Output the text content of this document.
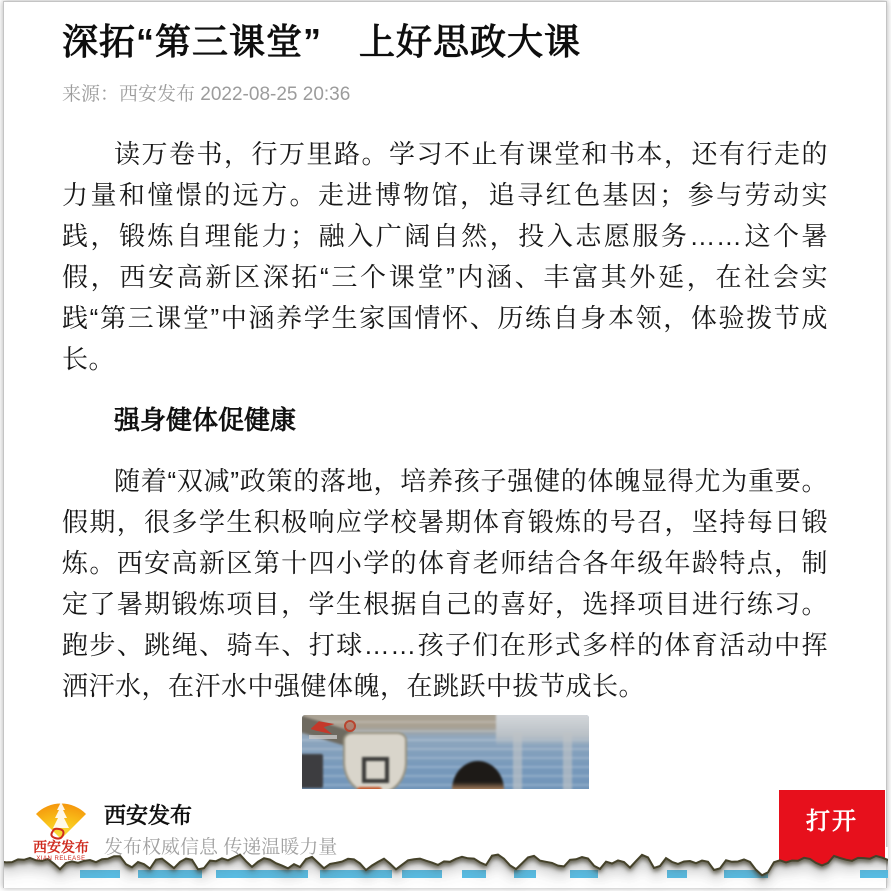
深拓“第三课堂”　上好思政大课
来源：西安发布 2022-08-25 20:36

读万卷书，行万里路。学习不止有课堂和书本，还有行走的力量和憧憬的远方。走进博物馆，追寻红色基因；参与劳动实践，锻炼自理能力；融入广阔自然，投入志愿服务……这个暑假，西安高新区深拓“三个课堂”内涵、丰富其外延，在社会实践“第三课堂”中涵养学生家国情怀、历练自身本领，体验拨节成长。

强身健体促健康

随着“双减”政策的落地，培养孩子强健的体魄显得尤为重要。假期，很多学生积极响应学校暑期体育锻炼的号召，坚持每日锻炼。西安高新区第十四小学的体育老师结合各年级年龄特点，制定了暑期锻炼项目，学生根据自己的喜好，选择项目进行练习。跑步、跳绳、骑车、打球……孩子们在形式多样的体育活动中挥洒汗水，在汗水中强健体魄，在跳跃中拔节成长。

西安发布
XIAN RELEASE
西安发布
发布权威信息 传递温暖力量
打开
